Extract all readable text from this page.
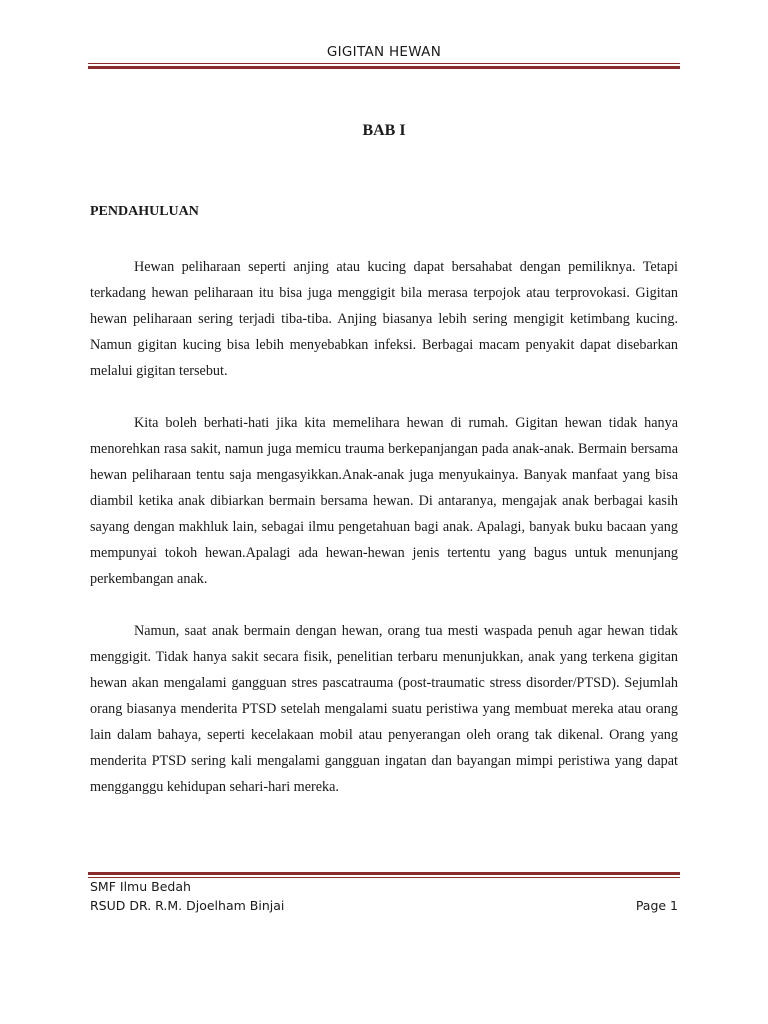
GIGITAN HEWAN
BAB I
PENDAHULUAN

Hewan peliharaan seperti anjing atau kucing dapat bersahabat dengan pemiliknya. Tetapi terkadang hewan peliharaan itu bisa juga menggigit bila merasa terpojok atau terprovokasi. Gigitan hewan peliharaan sering terjadi tiba-tiba. Anjing biasanya lebih sering mengigit ketimbang kucing. Namun gigitan kucing bisa lebih menyebabkan infeksi. Berbagai macam penyakit dapat disebarkan melalui gigitan tersebut.

Kita boleh berhati-hati jika kita memelihara hewan di rumah. Gigitan hewan tidak hanya menorehkan rasa sakit, namun juga memicu trauma berkepanjangan pada anak-anak. Bermain bersama hewan peliharaan tentu saja mengasyikkan.Anak-anak juga menyukainya. Banyak manfaat yang bisa diambil ketika anak dibiarkan bermain bersama hewan. Di antaranya, mengajak anak berbagai kasih sayang dengan makhluk lain, sebagai ilmu pengetahuan bagi anak. Apalagi, banyak buku bacaan yang mempunyai tokoh hewan.Apalagi ada hewan-hewan jenis tertentu yang bagus untuk menunjang perkembangan anak.

Namun, saat anak bermain dengan hewan, orang tua mesti waspada penuh agar hewan tidak menggigit. Tidak hanya sakit secara fisik, penelitian terbaru menunjukkan, anak yang terkena gigitan hewan akan mengalami gangguan stres pascatrauma (post-traumatic stress disorder/PTSD). Sejumlah orang biasanya menderita PTSD setelah mengalami suatu peristiwa yang membuat mereka atau orang lain dalam bahaya, seperti kecelakaan mobil atau penyerangan oleh orang tak dikenal. Orang yang menderita PTSD sering kali mengalami gangguan ingatan dan bayangan mimpi peristiwa yang dapat mengganggu kehidupan sehari-hari mereka.

SMF Ilmu Bedah
RSUD DR. R.M. Djoelham Binjai	Page 1
